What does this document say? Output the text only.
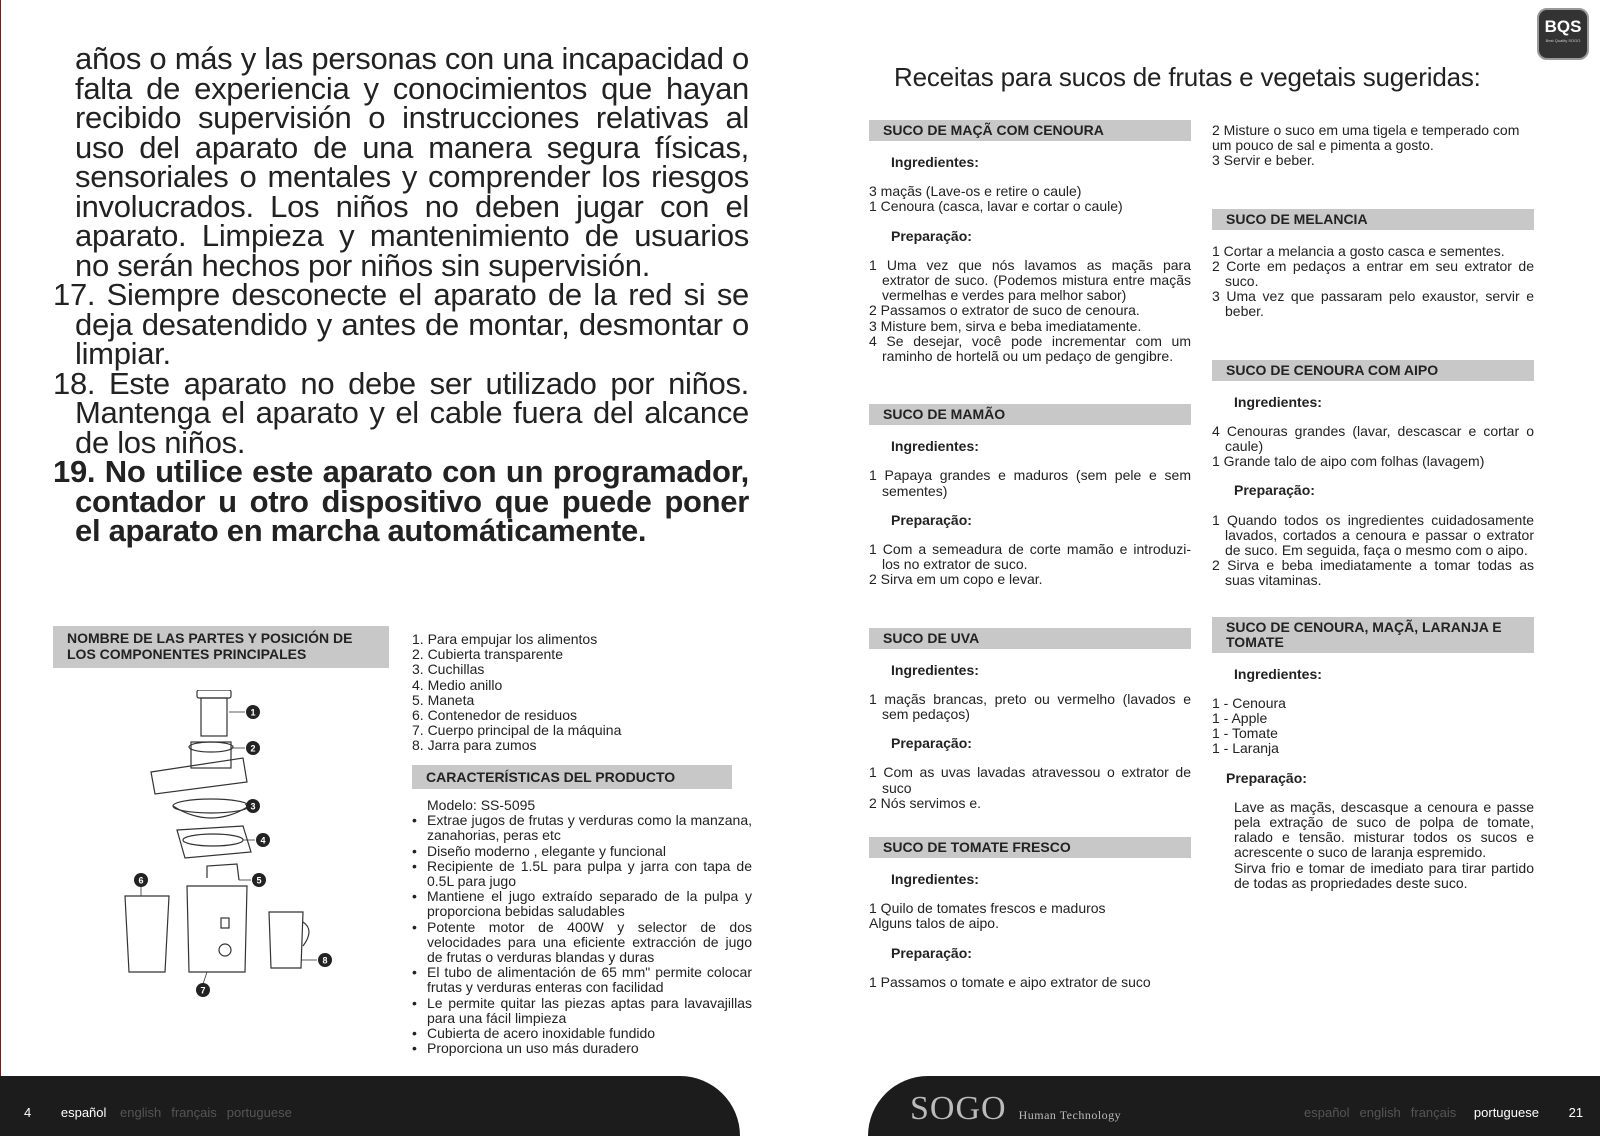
años o más y las personas con una incapacidad o falta de experiencia y conocimientos que hayan recibido supervisión o instrucciones relativas al uso del aparato de una manera segura físicas, sensoriales o mentales y comprender los riesgos involucrados. Los niños no deben jugar con el aparato. Limpieza y mantenimiento de usuarios no serán hechos por niños sin supervisión.

17. Siempre desconecte el aparato de la red si se deja desatendido y antes de montar, desmontar o limpiar.

18. Este aparato no debe ser utilizado por niños. Mantenga el aparato y el cable fuera del alcance de los niños.

19. No utilice este aparato con un programador, contador u otro dispositivo que puede poner el aparato en marcha automáticamente.

NOMBRE DE LAS PARTES Y POSICIÓN DE LOS COMPONENTES PRINCIPALES
1. Para empujar los alimentos
2. Cubierta transparente
3. Cuchillas
4. Medio anillo
5. Maneta
6. Contenedor de residuos
7. Cuerpo principal de la máquina
8. Jarra para zumos
1
2
3
4
5
6
7
8
CARACTERÍSTICAS DEL PRODUCTO
Modelo: SS-5095
• Extrae jugos de frutas y verduras como la manzana, zanahorias, peras etc
• Diseño moderno , elegante y funcional
• Recipiente de 1.5L para pulpa y jarra con tapa de 0.5L para jugo
• Mantiene el jugo extraído separado de la pulpa y proporciona bebidas saludables
• Potente motor de 400W y selector de dos velocidades para una eficiente extracción de jugo de frutas o verduras blandas y duras
• El tubo de alimentación de 65 mm" permite colocar frutas y verduras enteras con facilidad
• Le permite quitar las piezas aptas para lavavajillas para una fácil limpieza
• Cubierta de acero inoxidable fundido
• Proporciona un uso más duradero
BQS
Best Quality SOGO
Receitas para sucos de frutas e vegetais sugeridas:
SUCO DE MAÇÃ COM CENOURA
Ingredientes:
3 maçãs (Lave-os e retire o caule)
1 Cenoura (casca, lavar e cortar o caule)
Preparação:
1 Uma vez que nós lavamos as maçãs para extrator de suco. (Podemos mistura entre maçãs vermelhas e verdes para melhor sabor)
2 Passamos o extrator de suco de cenoura.
3 Misture bem, sirva e beba imediatamente.
4 Se desejar, você pode incrementar com um raminho de hortelã ou um pedaço de gengibre.
SUCO DE MAMÃO
Ingredientes:
1 Papaya grandes e maduros (sem pele e sem sementes)
Preparação:
1 Com a semeadura de corte mamão e introduzi-los no extrator de suco.
2 Sirva em um copo e levar.
SUCO DE UVA
Ingredientes:
1 maçãs brancas, preto ou vermelho (lavados e sem pedaços)
Preparação:
1 Com as uvas lavadas atravessou o extrator de suco
2 Nós servimos e.
SUCO DE TOMATE FRESCO
Ingredientes:
1 Quilo de tomates frescos e maduros
Alguns talos de aipo.
Preparação:
1 Passamos o tomate e aipo extrator de suco
2 Misture o suco em uma tigela e temperado com um pouco de sal e pimenta a gosto.
3 Servir e beber.
SUCO DE MELANCIA
1 Cortar a melancia a gosto casca e sementes.
2 Corte em pedaços a entrar em seu extrator de suco.
3 Uma vez que passaram pelo exaustor, servir e beber.
SUCO DE CENOURA COM AIPO
Ingredientes:
4 Cenouras grandes (lavar, descascar e cortar o caule)
1 Grande talo de aipo com folhas (lavagem)
Preparação:
1 Quando todos os ingredientes cuidadosamente lavados, cortados a cenoura e passar o extrator de suco. Em seguida, faça o mesmo com o aipo.
2 Sirva e beba imediatamente a tomar todas as suas vitaminas.
SUCO DE CENOURA, MAÇÃ, LARANJA E TOMATE
Ingredientes:
1 - Cenoura
1 - Apple
1 - Tomate
1 - Laranja
Preparação:
Lave as maçãs, descasque a cenoura e passe pela extração de suco de polpa de tomate, ralado e tensão. misturar todos os sucos e acrescente o suco de laranja espremido.
Sirva frio e tomar de imediato para tirar partido de todas as propriedades deste suco.
4 español english français portuguese	SOGO Human Technology	español english français portuguese 21
